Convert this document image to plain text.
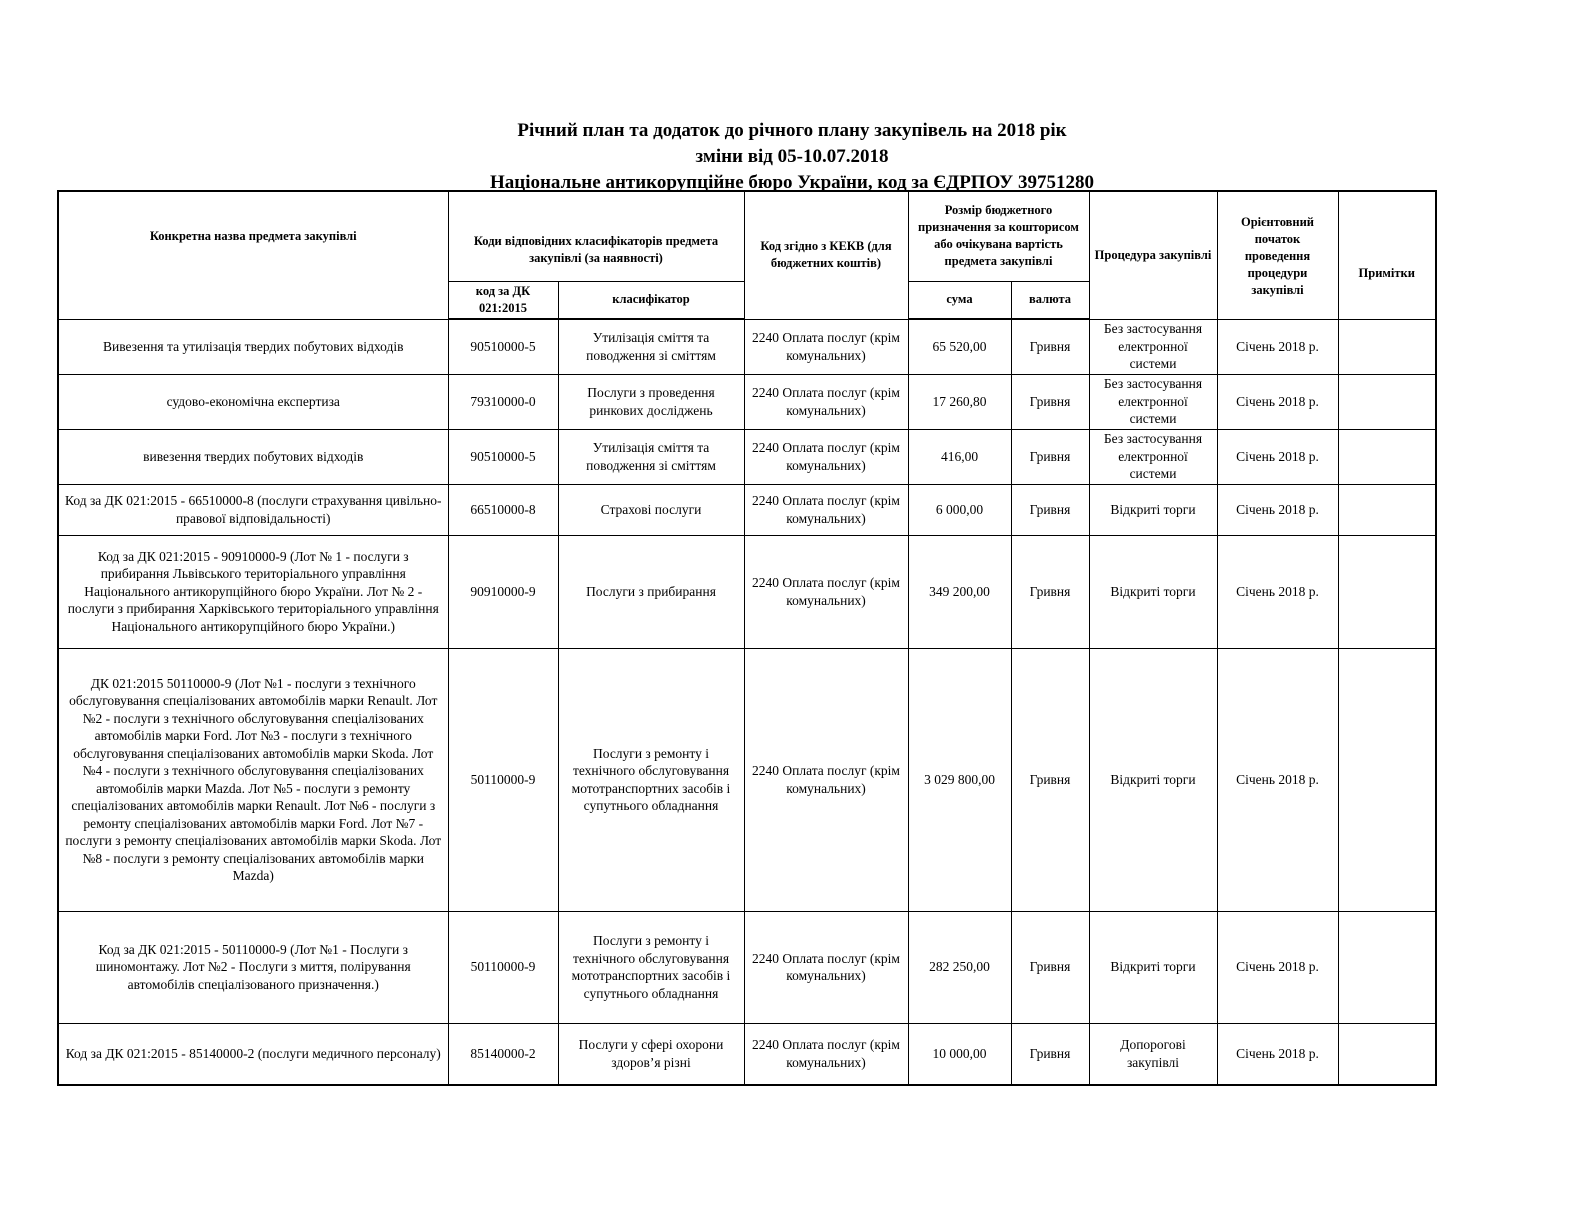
Річний план та додаток до річного плану закупівель на 2018 рік
зміни від 05-10.07.2018
Національне антикорупційне бюро України, код за ЄДРПОУ 39751280
Конкретна назва предмета закупівлі	Коди відповідних класифікаторів предмета закупівлі (за наявності)		Код згідно з КЕКВ (для бюджетних коштів)	Розмір бюджетного призначення за кошторисом або очікувана вартість предмета закупівлі		Процедура закупівлі	Орієнтовний початок проведення процедури закупівлі	Примітки
	код за ДК 021:2015	класифікатор		сума	валюта			
Вивезення та утилізація твердих побутових відходів	90510000-5	Утилізація сміття та поводження зі сміттям	2240 Оплата послуг (крім комунальних)	65 520,00	Гривня	Без застосування електронної системи	Січень 2018 р.	
судово-економічна експертиза	79310000-0	Послуги з проведення ринкових досліджень	2240 Оплата послуг (крім комунальних)	17 260,80	Гривня	Без застосування електронної системи	Січень 2018 р.	
вивезення твердих побутових відходів	90510000-5	Утилізація сміття та поводження зі сміттям	2240 Оплата послуг (крім комунальних)	416,00	Гривня	Без застосування електронної системи	Січень 2018 р.	
Код за ДК 021:2015 - 66510000-8 (послуги страхування цивільно-правової відповідальності)	66510000-8	Страхові послуги	2240 Оплата послуг (крім комунальних)	6 000,00	Гривня	Відкриті торги	Січень 2018 р.	
Код за ДК 021:2015 - 90910000-9 (Лот № 1 - послуги з прибирання Львівського територіального управління Національного антикорупційного бюро України. Лот № 2 - послуги з прибирання Харківського територіального управління Національного антикорупційного бюро України.)	90910000-9	Послуги з прибирання	2240 Оплата послуг (крім комунальних)	349 200,00	Гривня	Відкриті торги	Січень 2018 р.	
ДК 021:2015 50110000-9 (Лот №1 - послуги з технічного обслуговування спеціалізованих автомобілів марки Renault. Лот №2 - послуги з технічного обслуговування спеціалізованих автомобілів марки Ford. Лот №3 - послуги з технічного обслуговування спеціалізованих автомобілів марки Skoda. Лот №4 - послуги з технічного обслуговування спеціалізованих автомобілів марки Mazda. Лот №5 - послуги з ремонту спеціалізованих автомобілів марки Renault. Лот №6 - послуги з ремонту спеціалізованих автомобілів марки Ford. Лот №7 - послуги з ремонту спеціалізованих автомобілів марки Skoda. Лот №8 - послуги з ремонту спеціалізованих автомобілів марки Mazda)	50110000-9	Послуги з ремонту і технічного обслуговування мототранспортних засобів і супутнього обладнання	2240 Оплата послуг (крім комунальних)	3 029 800,00	Гривня	Відкриті торги	Січень 2018 р.	
Код за ДК 021:2015 - 50110000-9 (Лот №1 - Послуги з шиномонтажу. Лот №2 - Послуги з миття, полірування автомобілів спеціалізованого призначення.)	50110000-9	Послуги з ремонту і технічного обслуговування мототранспортних засобів і супутнього обладнання	2240 Оплата послуг (крім комунальних)	282 250,00	Гривня	Відкриті торги	Січень 2018 р.	
Код за ДК 021:2015 - 85140000-2 (послуги медичного персоналу)	85140000-2	Послуги у сфері охорони здоров’я різні	2240 Оплата послуг (крім комунальних)	10 000,00	Гривня	Допорогові закупівлі	Січень 2018 р.	
